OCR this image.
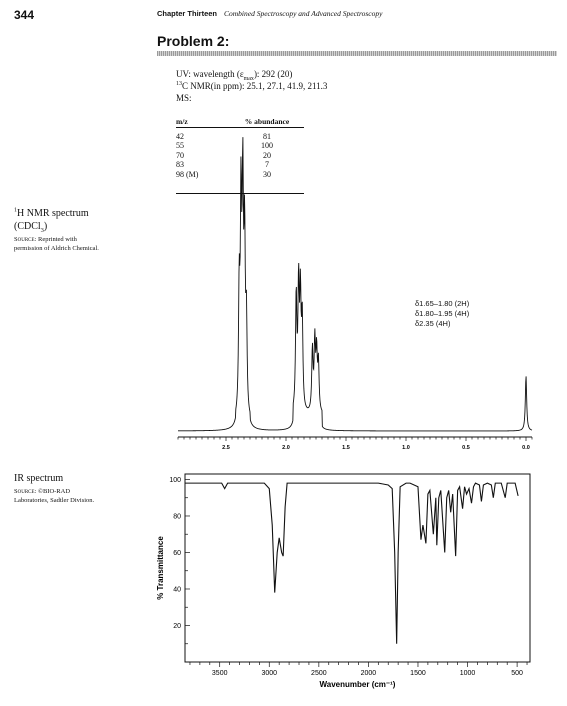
344	Chapter Thirteen Combined Spectroscopy and Advanced Spectroscopy
Problem 2:
UV: wavelength $(\varepsilon_{max})$: 292 (20)
$^{13}$C NMR(in ppm): 25.1, 27.1, 41.9, 211.3
MS:
m/z	% abundance

42	81
55	100
70	20
83	7
98 (M)	30
$^1$H NMR spectrum
(CDCl$_3$)
Source: Reprinted with
permission of Aldrich Chemical.
δ1.65–1.80 (2H)
δ1.80–1.95 (4H)
δ2.35 (4H)
2.5	2.0	1.5	1.0	0.5	0.0
IR spectrum
Source: ©BIO-RAD
Laboratories, Sadtler Division.
3500	3000	2500	2000	1500	1000	500
100
80
60
40
20
Wavenumber (cm⁻¹)
% Transmittance
